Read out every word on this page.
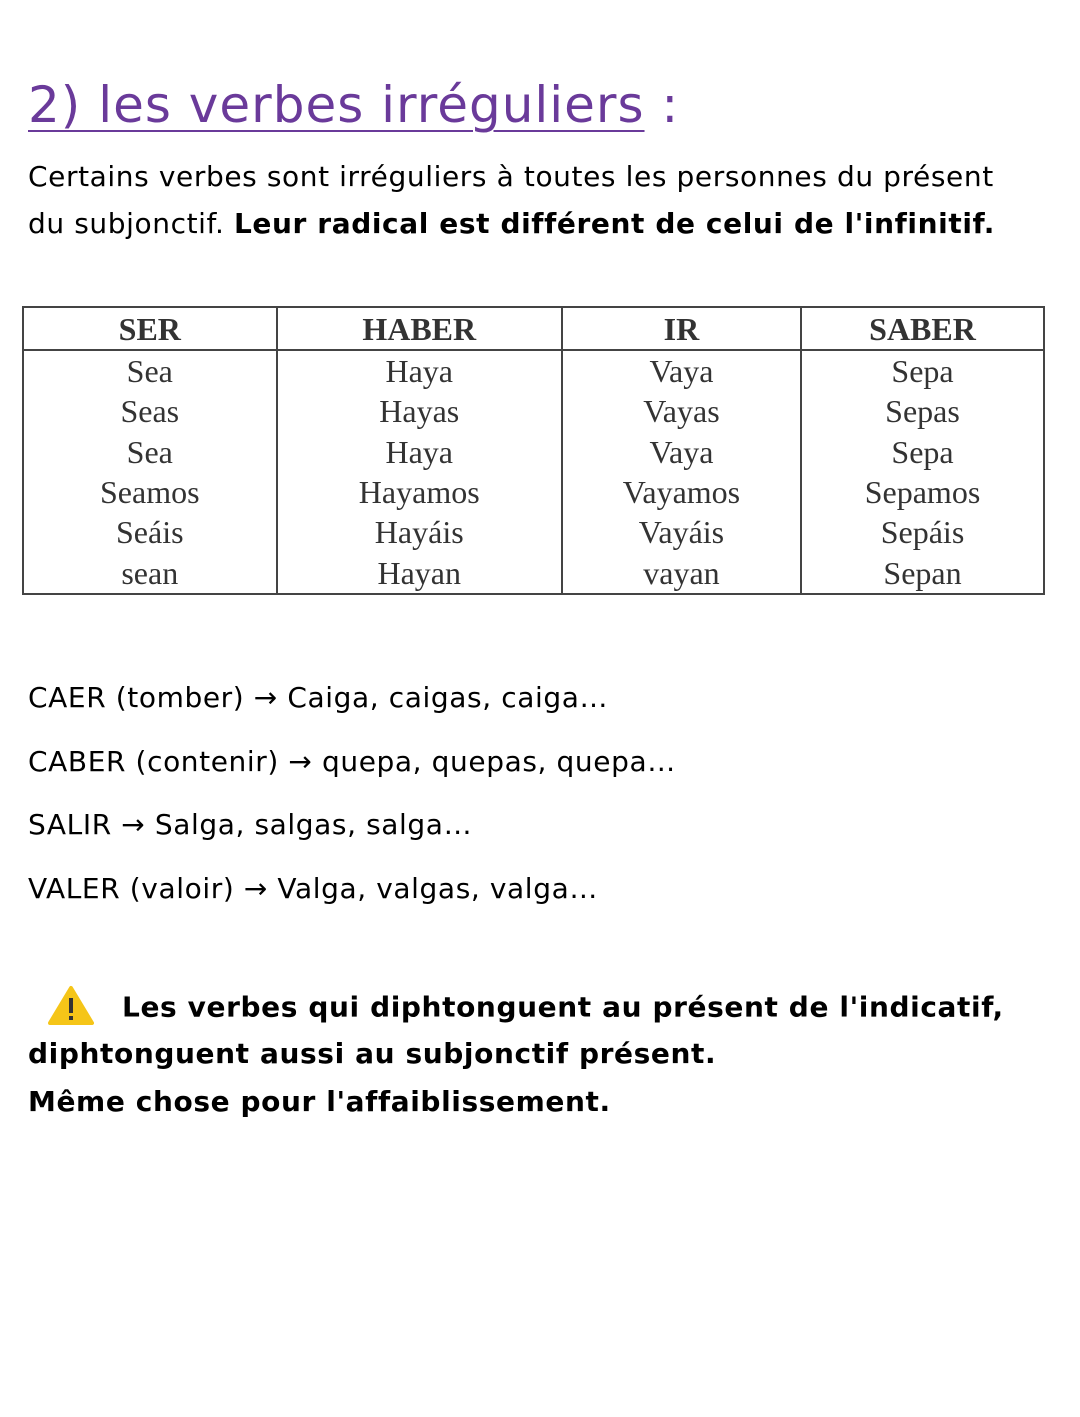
2) les verbes irréguliers :
Certains verbes sont irréguliers à toutes les personnes du présent
du subjonctif. Leur radical est différent de celui de l'infinitif.
SER	HABER	IR	SABER
Sea	Haya	Vaya	Sepa
Seas	Hayas	Vayas	Sepas
Sea	Haya	Vaya	Sepa
Seamos	Hayamos	Vayamos	Sepamos
Seáis	Hayáis	Vayáis	Sepáis
sean	Hayan	vayan	Sepan
CAER (tomber) → Caiga, caigas, caiga…
CABER (contenir) → quepa, quepas, quepa…
SALIR → Salga, salgas, salga…
VALER (valoir) → Valga, valgas, valga…
Les verbes qui diphtonguent au présent de l'indicatif,
diphtonguent aussi au subjonctif présent.
Même chose pour l'affaiblissement.
